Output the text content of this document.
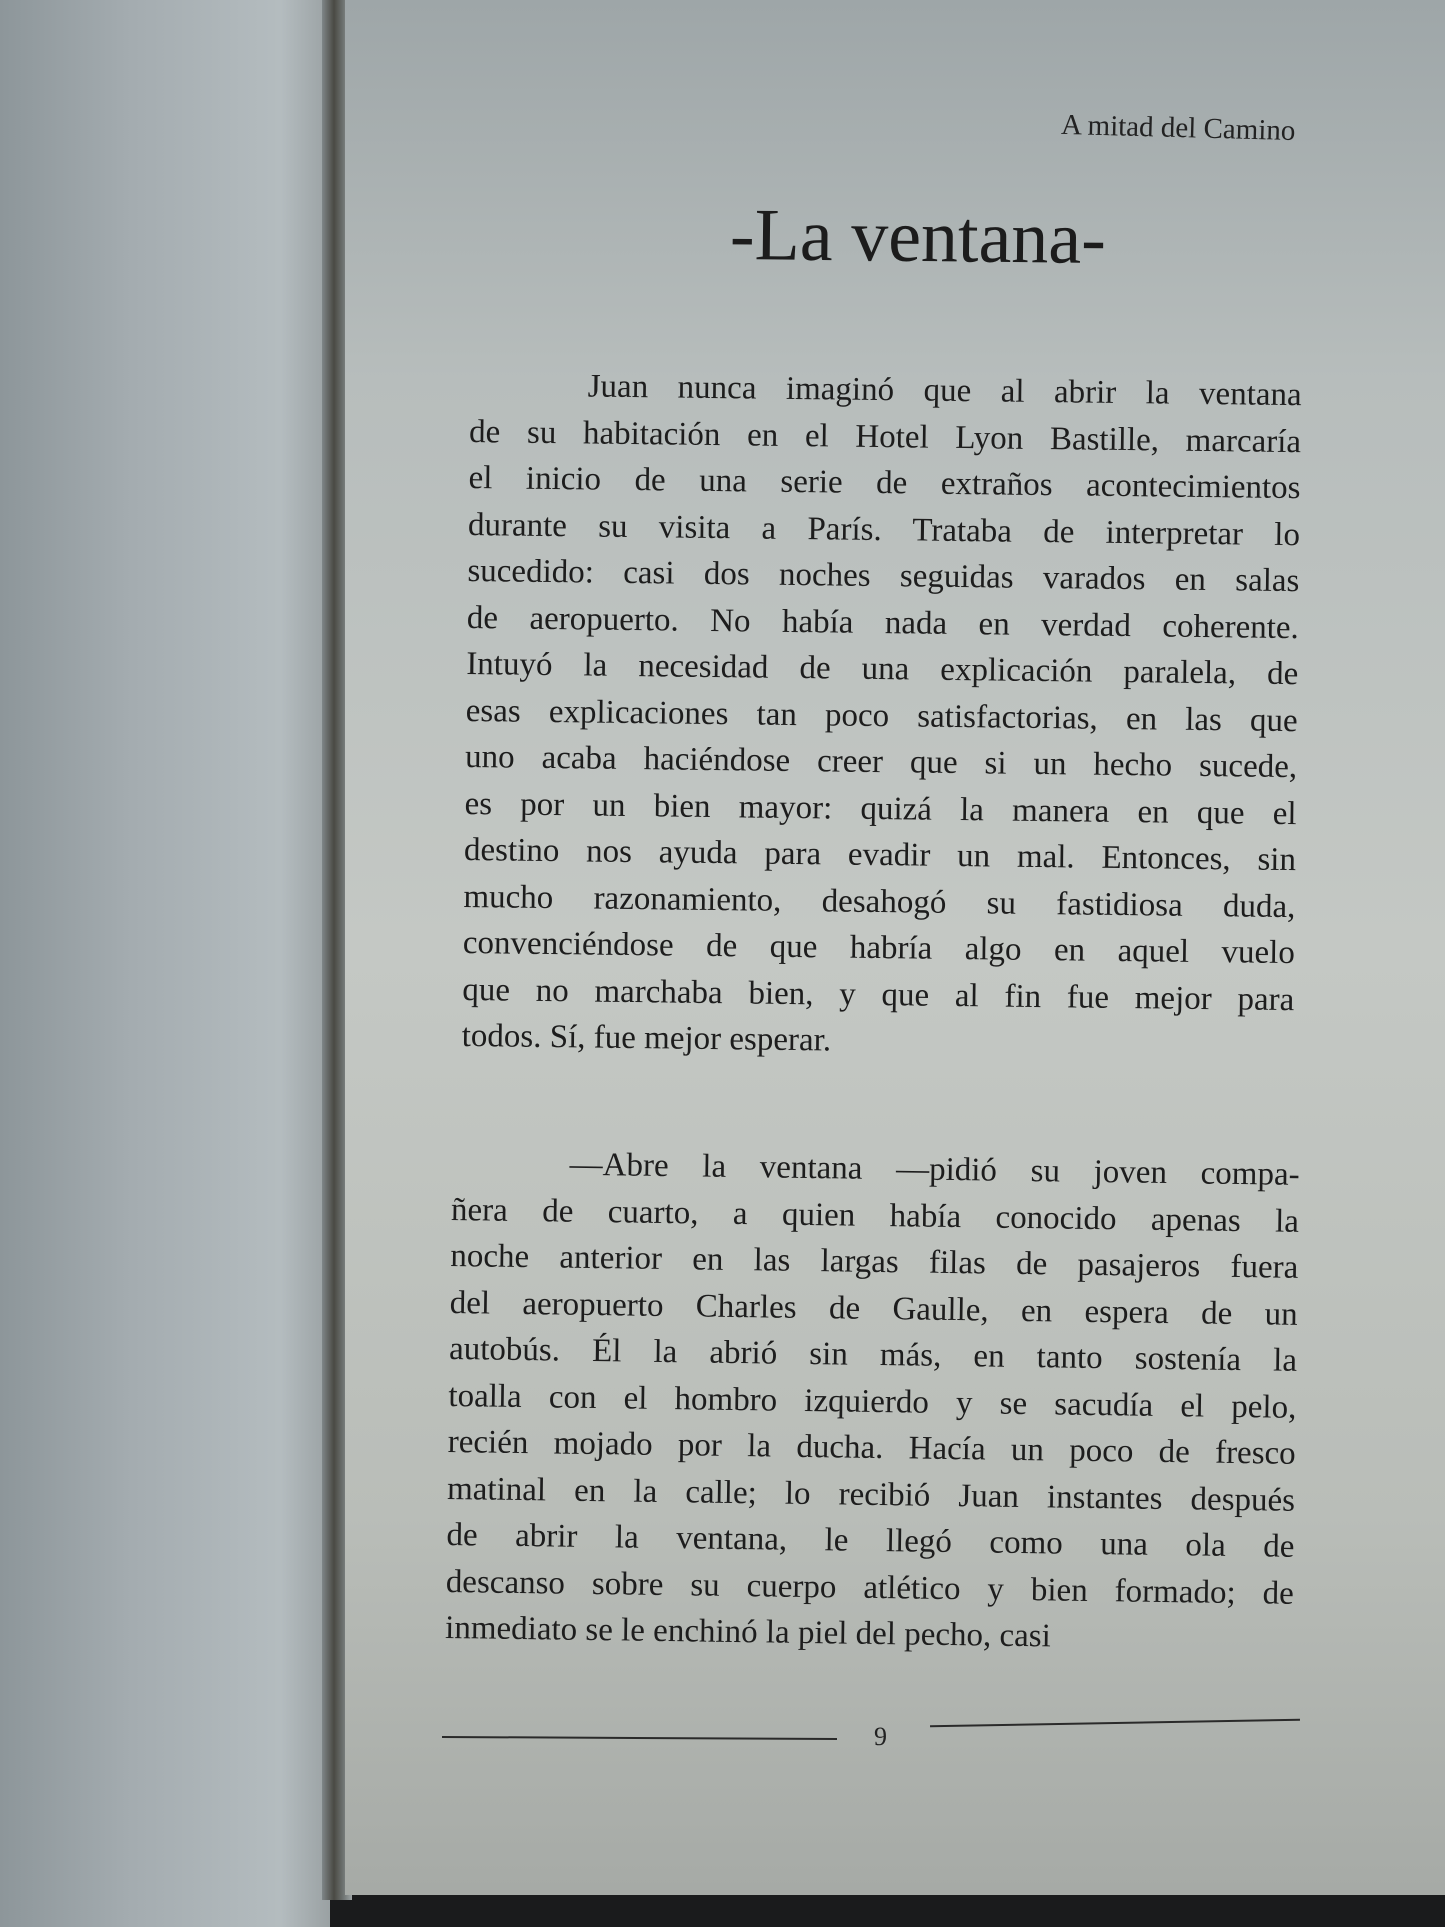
A mitad del Camino
-La ventana-
Juan nunca imaginó que al abrir la ventana
de su habitación en el Hotel Lyon Bastille, marcaría
el inicio de una serie de extraños acontecimientos
durante su visita a París. Trataba de interpretar lo
sucedido: casi dos noches seguidas varados en salas
de aeropuerto. No había nada en verdad coherente.
Intuyó la necesidad de una explicación paralela, de
esas explicaciones tan poco satisfactorias, en las que
uno acaba haciéndose creer que si un hecho sucede,
es por un bien mayor: quizá la manera en que el
destino nos ayuda para evadir un mal. Entonces, sin
mucho razonamiento, desahogó su fastidiosa duda,
convenciéndose de que habría algo en aquel vuelo
que no marchaba bien, y que al fin fue mejor para
todos. Sí, fue mejor esperar.
—Abre la ventana —pidió su joven compa-
ñera de cuarto, a quien había conocido apenas la
noche anterior en las largas filas de pasajeros fuera
del aeropuerto Charles de Gaulle, en espera de un
autobús. Él la abrió sin más, en tanto sostenía la
toalla con el hombro izquierdo y se sacudía el pelo,
recién mojado por la ducha. Hacía un poco de fresco
matinal en la calle; lo recibió Juan instantes después
de abrir la ventana, le llegó como una ola de
descanso sobre su cuerpo atlético y bien formado; de
inmediato se le enchinó la piel del pecho, casi
9
